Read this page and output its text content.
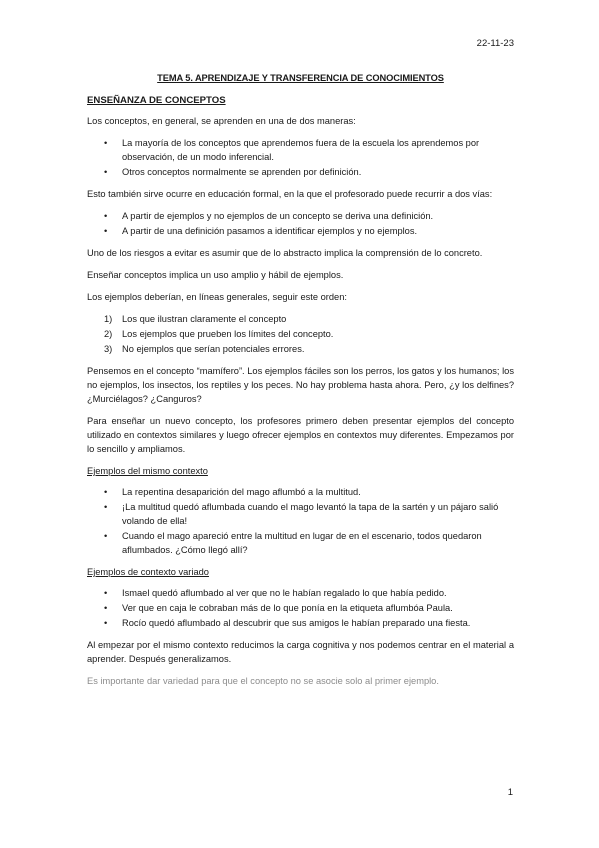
22-11-23
TEMA 5. APRENDIZAJE Y TRANSFERENCIA DE CONOCIMIENTOS
ENSEÑANZA DE CONCEPTOS

Los conceptos, en general, se aprenden en una de dos maneras:

• La mayoría de los conceptos que aprendemos fuera de la escuela los aprendemos por observación, de un modo inferencial.
• Otros conceptos normalmente se aprenden por definición.

Esto también sirve ocurre en educación formal, en la que el profesorado puede recurrir a dos vías:

• A partir de ejemplos y no ejemplos de un concepto se deriva una definición.
• A partir de una definición pasamos a identificar ejemplos y no ejemplos.

Uno de los riesgos a evitar es asumir que de lo abstracto implica la comprensión de lo concreto.

Enseñar conceptos implica un uso amplio y hábil de ejemplos.

Los ejemplos deberían, en líneas generales, seguir este orden:

1) Los que ilustran claramente el concepto
2) Los ejemplos que prueben los límites del concepto.
3) No ejemplos que serían potenciales errores.

Pensemos en el concepto “mamífero”. Los ejemplos fáciles son los perros, los gatos y los humanos; los no ejemplos, los insectos, los reptiles y los peces. No hay problema hasta ahora. Pero, ¿y los delfines? ¿Murciélagos? ¿Canguros?

Para enseñar un nuevo concepto, los profesores primero deben presentar ejemplos del concepto utilizado en contextos similares y luego ofrecer ejemplos en contextos muy diferentes. Empezamos por lo sencillo y ampliamos.

Ejemplos del mismo contexto
• La repentina desaparición del mago aflumbó a la multitud.
• ¡La multitud quedó aflumbada cuando el mago levantó la tapa de la sartén y un pájaro salió volando de ella!
• Cuando el mago apareció entre la multitud en lugar de en el escenario, todos quedaron aflumbados. ¿Cómo llegó allí?
Ejemplos de contexto variado
• Ismael quedó aflumbado al ver que no le habían regalado lo que había pedido.
• Ver que en caja le cobraban más de lo que ponía en la etiqueta aflumbóa Paula.
• Rocío quedó aflumbado al descubrir que sus amigos le habían preparado una fiesta.

Al empezar por el mismo contexto reducimos la carga cognitiva y nos podemos centrar en el material a aprender. Después generalizamos.

Es importante dar variedad para que el concepto no se asocie solo al primer ejemplo.

1
